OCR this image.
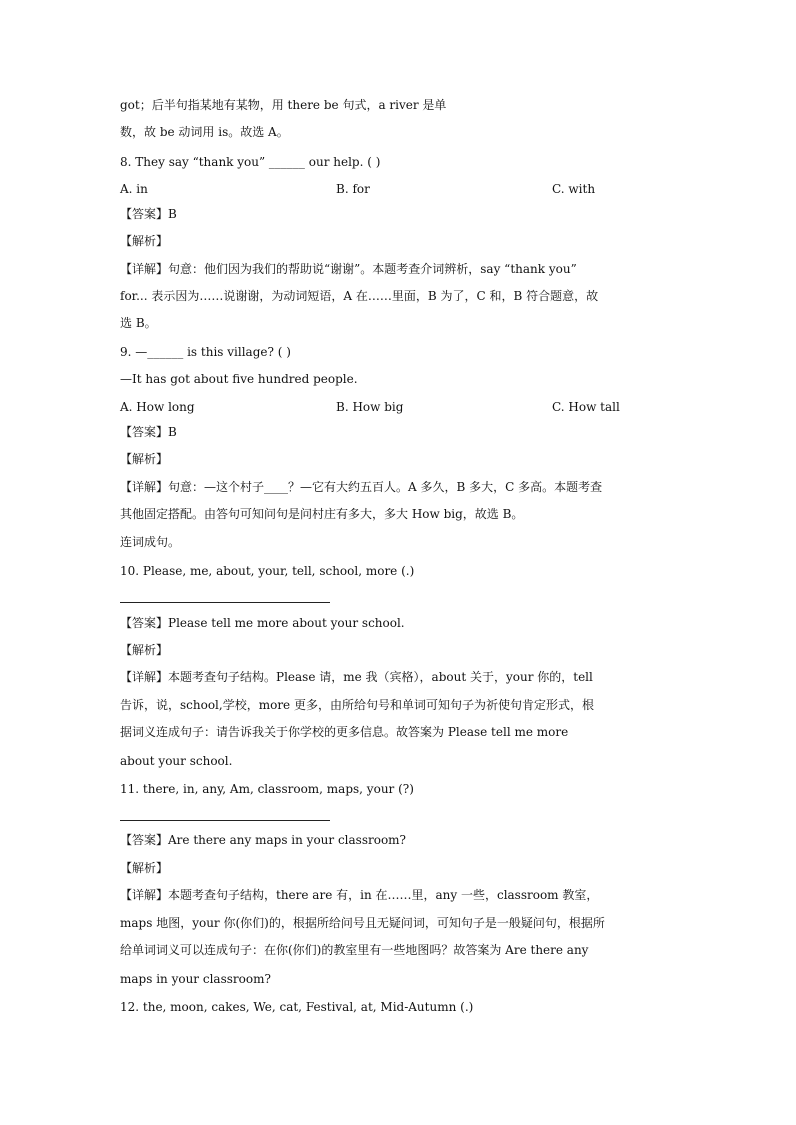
got；后半句指某地有某物，用 there be 句式，a river 是单
数，故 be 动词用 is。故选 A。
8. They say “thank you” ______ our help. ( )
A. in	B. for	C. with
【答案】B
【解析】
【详解】句意：他们因为我们的帮助说“谢谢”。本题考查介词辨析，say “thank you”
for... 表示因为……说谢谢，为动词短语，A 在……里面，B 为了，C 和，B 符合题意，故
选 B。
9. —______ is this village? ( )
—It has got about five hundred people.
A. How long	B. How big	C. How tall
【答案】B
【解析】
【详解】句意：—这个村子____？—它有大约五百人。A 多久，B 多大，C 多高。本题考查
其他固定搭配。由答句可知问句是问村庄有多大，多大 How big，故选 B。
连词成句。
10. Please, me, about, your, tell, school, more (.)
【答案】Please tell me more about your school.
【解析】
【详解】本题考查句子结构。Please 请，me 我（宾格），about 关于，your 你的，tell
告诉，说，school,学校，more 更多，由所给句号和单词可知句子为祈使句肯定形式，根
据词义连成句子：请告诉我关于你学校的更多信息。故答案为 Please tell me more
about your school.
11. there, in, any, Am, classroom, maps, your (?)
【答案】Are there any maps in your classroom?
【解析】
【详解】本题考查句子结构，there are 有，in 在……里，any 一些，classroom 教室，
maps 地图，your 你(你们)的，根据所给问号且无疑问词，可知句子是一般疑问句，根据所
给单词词义可以连成句子：在你(你们)的教室里有一些地图吗？故答案为 Are there any
maps in your classroom?
12. the, moon, cakes, We, cat, Festival, at, Mid-Autumn (.)
